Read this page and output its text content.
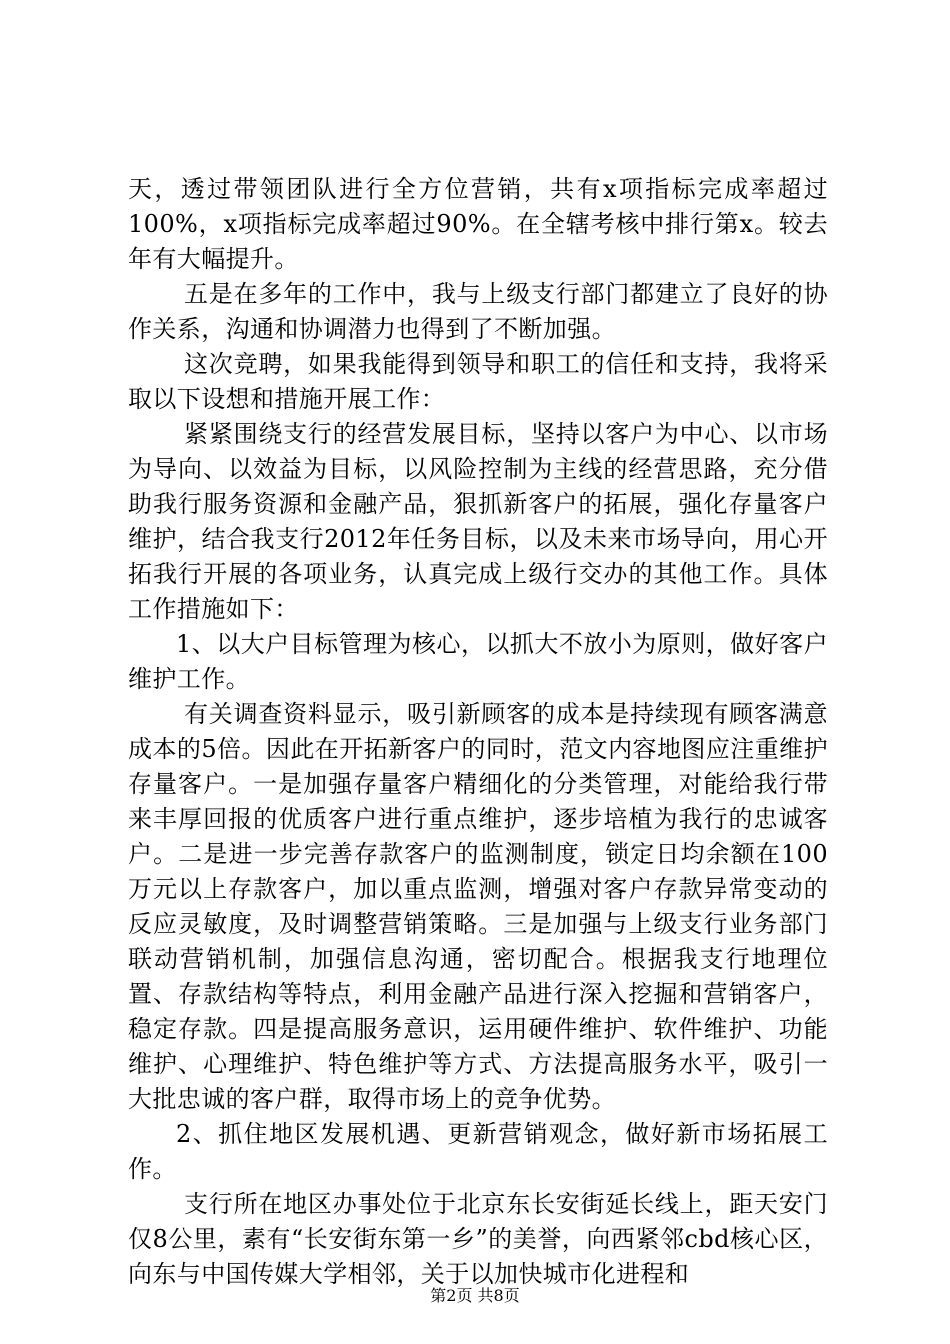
天，透过带领团队进行全方位营销，共有x项指标完成率超过100%，x项指标完成率超过90%。在全辖考核中排行第x。较去年有大幅提升。

五是在多年的工作中，我与上级支行部门都建立了良好的协作关系，沟通和协调潜力也得到了不断加强。

这次竞聘，如果我能得到领导和职工的信任和支持，我将采取以下设想和措施开展工作：

紧紧围绕支行的经营发展目标，坚持以客户为中心、以市场为导向、以效益为目标，以风险控制为主线的经营思路，充分借助我行服务资源和金融产品，狠抓新客户的拓展，强化存量客户维护，结合我支行2012年任务目标，以及未来市场导向，用心开拓我行开展的各项业务，认真完成上级行交办的其他工作。具体工作措施如下：

1、以大户目标管理为核心，以抓大不放小为原则，做好客户维护工作。

有关调查资料显示，吸引新顾客的成本是持续现有顾客满意成本的5倍。因此在开拓新客户的同时，范文内容地图应注重维护存量客户。一是加强存量客户精细化的分类管理，对能给我行带来丰厚回报的优质客户进行重点维护，逐步培植为我行的忠诚客户。二是进一步完善存款客户的监测制度，锁定日均余额在100万元以上存款客户，加以重点监测，增强对客户存款异常变动的反应灵敏度，及时调整营销策略。三是加强与上级支行业务部门联动营销机制，加强信息沟通，密切配合。根据我支行地理位置、存款结构等特点，利用金融产品进行深入挖掘和营销客户，稳定存款。四是提高服务意识，运用硬件维护、软件维护、功能维护、心理维护、特色维护等方式、方法提高服务水平，吸引一大批忠诚的客户群，取得市场上的竞争优势。

2、抓住地区发展机遇、更新营销观念，做好新市场拓展工作。

支行所在地区办事处位于北京东长安街延长线上，距天安门仅8公里，素有“长安街东第一乡”的美誉，向西紧邻cbd核心区，向东与中国传媒大学相邻，关于以加快城市化进程和

第2页 共8页
